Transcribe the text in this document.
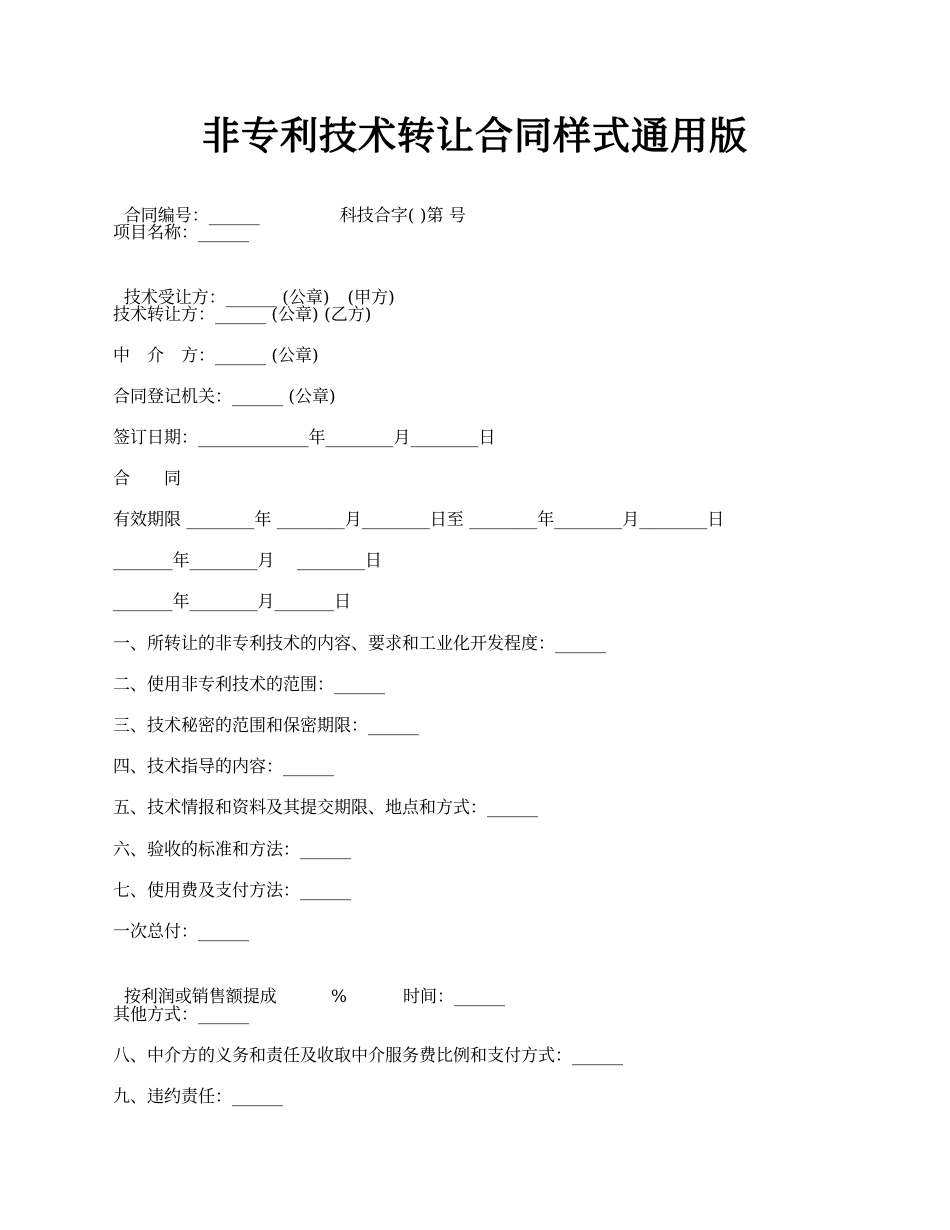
非专利技术转让合同样式通用版

合同编号：______	科技合字( )第 号

项目名称：______

技术受让方：______ (公章) (甲方)

技术转让方：______ (公章) (乙方)
中　介　方：______ (公章)
合同登记机关：______ (公章)
签订日期：_____________年________月________日
合　　同
有效期限 ________年 ________月________日至 ________年________月________日
_______年________月　 ________日
_______年________月_______日
一、所转让的非专利技术的内容、要求和工业化开发程度：______
二、使用非专利技术的范围：______
三、技术秘密的范围和保密期限：______
四、技术指导的内容：______
五、技术情报和资料及其提交期限、地点和方式：______
六、验收的标准和方法：______
七、使用费及支付方法：______
一次总付：______

按利润或销售额提成	%	时间：______

其他方式：______
八、中介方的义务和责任及收取中介服务费比例和支付方式：______
九、违约责任：______
